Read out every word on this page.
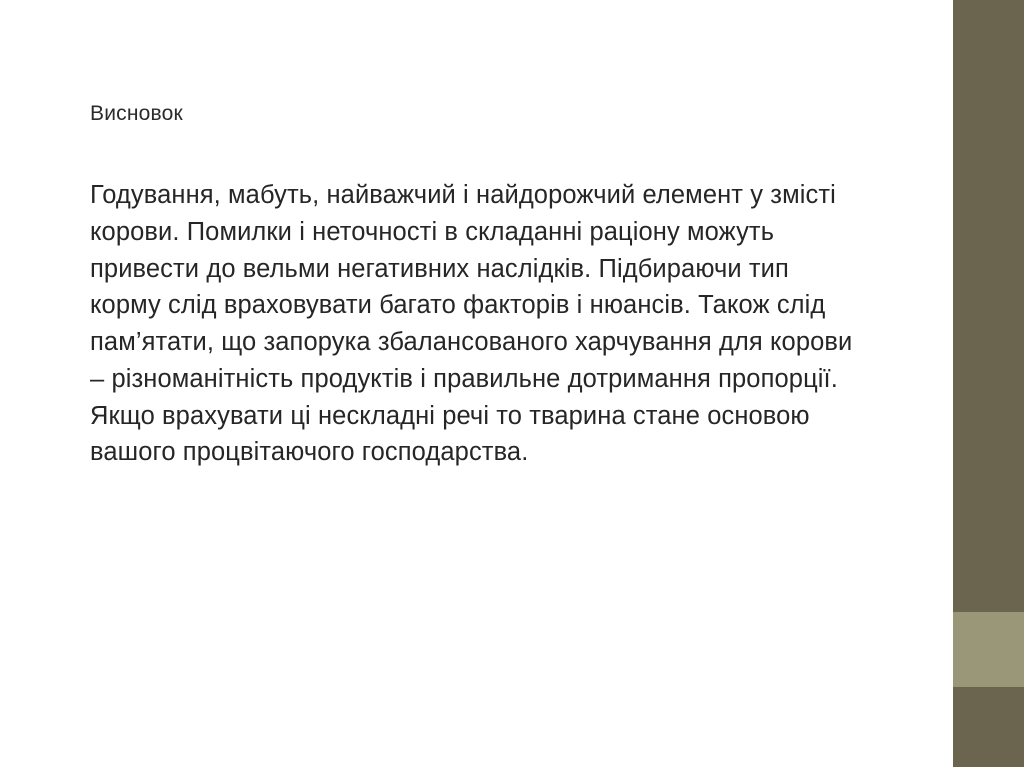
Висновок

Годування, мабуть, найважчий і найдорожчий елемент у змісті корови. Помилки і неточності в складанні раціону можуть привести до вельми негативних наслідків. Підбираючи тип корму слід враховувати багато факторів і нюансів. Також слід пам’ятати, що запорука збалансованого харчування для корови – різноманітність продуктів і правильне дотримання пропорції. Якщо врахувати ці нескладні речі то тварина стане основою вашого процвітаючого господарства.
